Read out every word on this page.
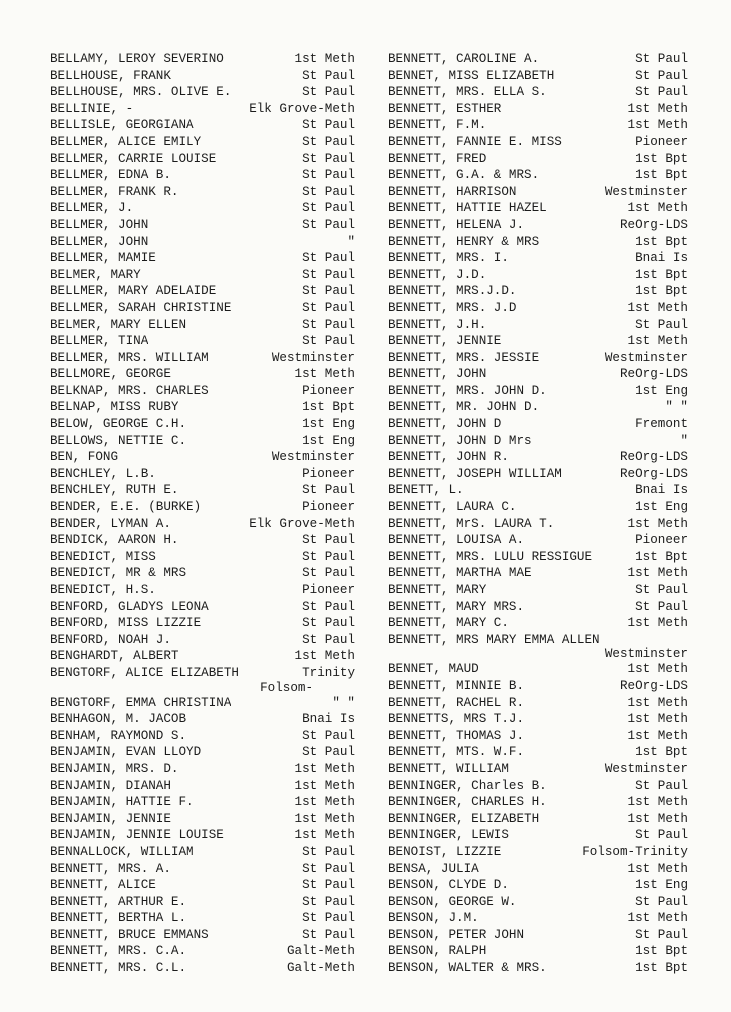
BELLAMY, LEROY SEVERINO	1st Meth
BELLHOUSE, FRANK	St Paul
BELLHOUSE, MRS. OLIVE E.	St Paul
BELLINIE, -	Elk Grove-Meth
BELLISLE, GEORGIANA	St Paul
BELLMER, ALICE EMILY	St Paul
BELLMER, CARRIE LOUISE	St Paul
BELLMER, EDNA B.	St Paul
BELLMER, FRANK R.	St Paul
BELLMER, J.	St Paul
BELLMER, JOHN	St Paul
BELLMER, JOHN	"
BELLMER, MAMIE	St Paul
BELMER, MARY	St Paul
BELLMER, MARY ADELAIDE	St Paul
BELLMER, SARAH CHRISTINE	St Paul
BELMER, MARY ELLEN	St Paul
BELLMER, TINA	St Paul
BELLMER, MRS. WILLIAM	Westminster
BELLMORE, GEORGE	1st Meth
BELKNAP, MRS. CHARLES	Pioneer
BELNAP, MISS RUBY	1st Bpt
BELOW, GEORGE C.H.	1st Eng
BELLOWS, NETTIE C.	1st Eng
BEN, FONG	Westminster
BENCHLEY, L.B.	Pioneer
BENCHLEY, RUTH E.	St Paul
BENDER, E.E. (BURKE)	Pioneer
BENDER, LYMAN A.	Elk Grove-Meth
BENDICK, AARON H.	St Paul
BENEDICT, MISS	St Paul
BENEDICT, MR & MRS	St Paul
BENEDICT, H.S.	Pioneer
BENFORD, GLADYS LEONA	St Paul
BENFORD, MISS LIZZIE	St Paul
BENFORD, NOAH J.	St Paul
BENGHARDT, ALBERT	1st Meth
BENGTORF, ALICE ELIZABETH	Trinity
Folsom-
BENGTORF, EMMA CHRISTINA	" "
BENHAGON, M. JACOB	Bnai Is
BENHAM, RAYMOND S.	St Paul
BENJAMIN, EVAN LLOYD	St Paul
BENJAMIN, MRS. D.	1st Meth
BENJAMIN, DIANAH	1st Meth
BENJAMIN, HATTIE F.	1st Meth
BENJAMIN, JENNIE	1st Meth
BENJAMIN, JENNIE LOUISE	1st Meth
BENNALLOCK, WILLIAM	St Paul
BENNETT, MRS. A.	St Paul
BENNETT, ALICE	St Paul
BENNETT, ARTHUR E.	St Paul
BENNETT, BERTHA L.	St Paul
BENNETT, BRUCE EMMANS	St Paul
BENNETT, MRS. C.A.	Galt-Meth
BENNETT, MRS. C.L.	Galt-Meth
BENNETT, CAROLINE A.	St Paul
BENNET, MISS ELIZABETH	St Paul
BENNETT, MRS. ELLA S.	St Paul
BENNETT, ESTHER	1st Meth
BENNETT, F.M.	1st Meth
BENNETT, FANNIE E. MISS	Pioneer
BENNETT, FRED	1st Bpt
BENNETT, G.A. & MRS.	1st Bpt
BENNETT, HARRISON	Westminster
BENNETT, HATTIE HAZEL	1st Meth
BENNETT, HELENA J.	ReOrg-LDS
BENNETT, HENRY & MRS	1st Bpt
BENNETT, MRS. I.	Bnai Is
BENNETT, J.D.	1st Bpt
BENNETT, MRS.J.D.	1st Bpt
BENNETT, MRS. J.D	1st Meth
BENNETT, J.H.	St Paul
BENNETT, JENNIE	1st Meth
BENNETT, MRS. JESSIE	Westminster
BENNETT, JOHN	ReOrg-LDS
BENNETT, MRS. JOHN D.	1st Eng
BENNETT, MR. JOHN D.	" "
BENNETT, JOHN D	Fremont
BENNETT, JOHN D Mrs	"
BENNETT, JOHN R.	ReOrg-LDS
BENNETT, JOSEPH WILLIAM	ReOrg-LDS
BENETT, L.	Bnai Is
BENNETT, LAURA C.	1st Eng
BENNETT, MrS. LAURA T.	1st Meth
BENNETT, LOUISA A.	Pioneer
BENNETT, MRS. LULU RESSIGUE	1st Bpt
BENNETT, MARTHA MAE	1st Meth
BENNETT, MARY	St Paul
BENNETT, MARY MRS.	St Paul
BENNETT, MARY C.	1st Meth
BENNETT, MRS MARY EMMA ALLEN
Westminster
BENNET, MAUD	1st Meth
BENNETT, MINNIE B.	ReOrg-LDS
BENNETT, RACHEL R.	1st Meth
BENNETTS, MRS T.J.	1st Meth
BENNETT, THOMAS J.	1st Meth
BENNETT, MTS. W.F.	1st Bpt
BENNETT, WILLIAM	Westminster
BENNINGER, Charles B.	St Paul
BENNINGER, CHARLES H.	1st Meth
BENNINGER, ELIZABETH	1st Meth
BENNINGER, LEWIS	St Paul
BENOIST, LIZZIE	Folsom-Trinity
BENSA, JULIA	1st Meth
BENSON, CLYDE D.	1st Eng
BENSON, GEORGE W.	St Paul
BENSON, J.M.	1st Meth
BENSON, PETER JOHN	St Paul
BENSON, RALPH	1st Bpt
BENSON, WALTER & MRS.	1st Bpt
